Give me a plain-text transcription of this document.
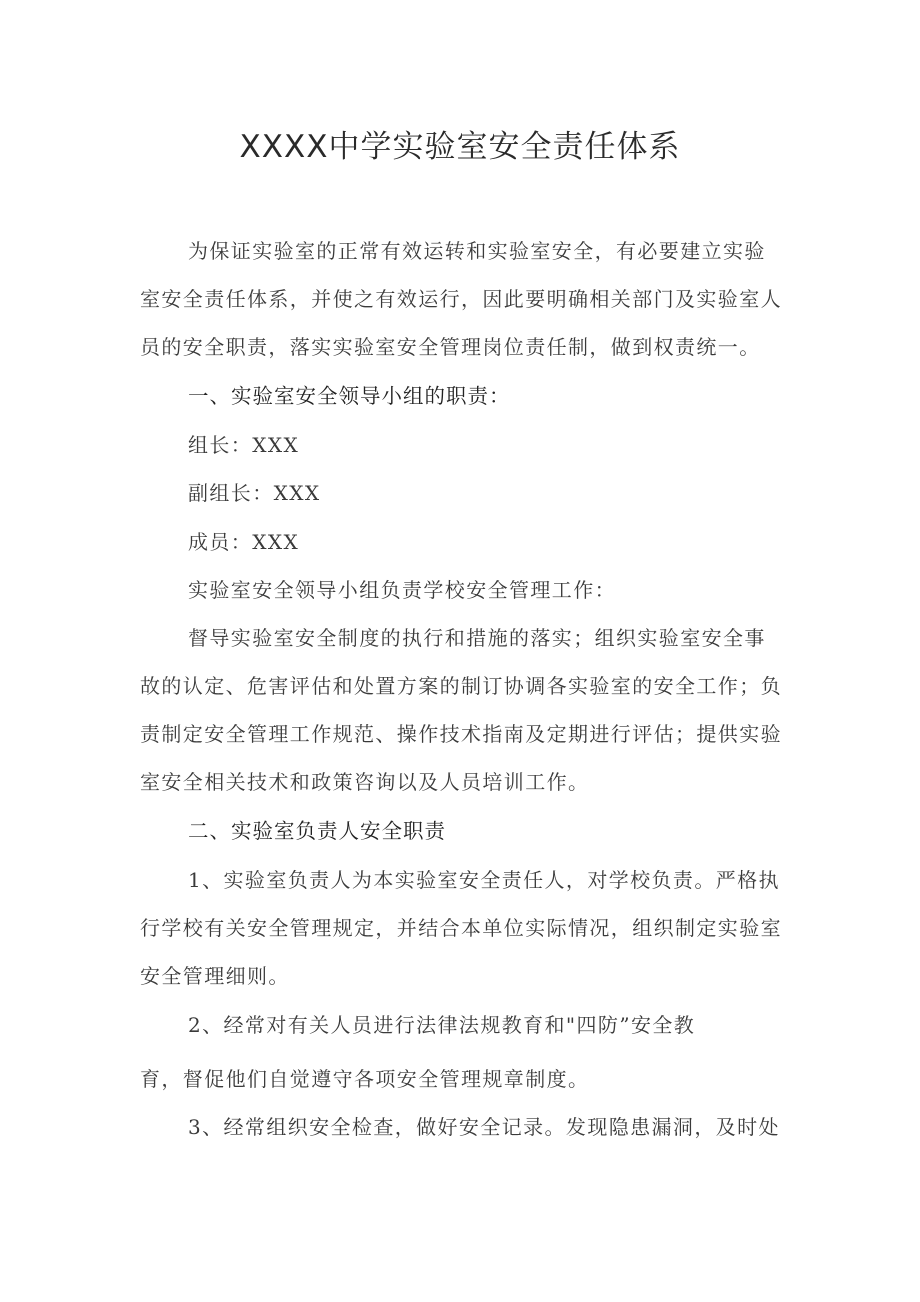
XXXX中学实验室安全责任体系

为保证实验室的正常有效运转和实验室安全，有必要建立实验室安全责任体系，并使之有效运行，因此要明确相关部门及实验室人员的安全职责，落实实验室安全管理岗位责任制，做到权责统一。

一、实验室安全领导小组的职责：
组长：XXX
副组长：XXX
成员：XXX
实验室安全领导小组负责学校安全管理工作：

督导实验室安全制度的执行和措施的落实；组织实验室安全事故的认定、危害评估和处置方案的制订协调各实验室的安全工作；负责制定安全管理工作规范、操作技术指南及定期进行评估；提供实验室安全相关技术和政策咨询以及人员培训工作。

二、实验室负责人安全职责

1、实验室负责人为本实验室安全责任人，对学校负责。严格执行学校有关安全管理规定，并结合本单位实际情况，组织制定实验室安全管理细则。

2、经常对有关人员进行法律法规教育和"四防”安全教
育，督促他们自觉遵守各项安全管理规章制度。
3、经常组织安全检查，做好安全记录。发现隐患漏洞，及时处
